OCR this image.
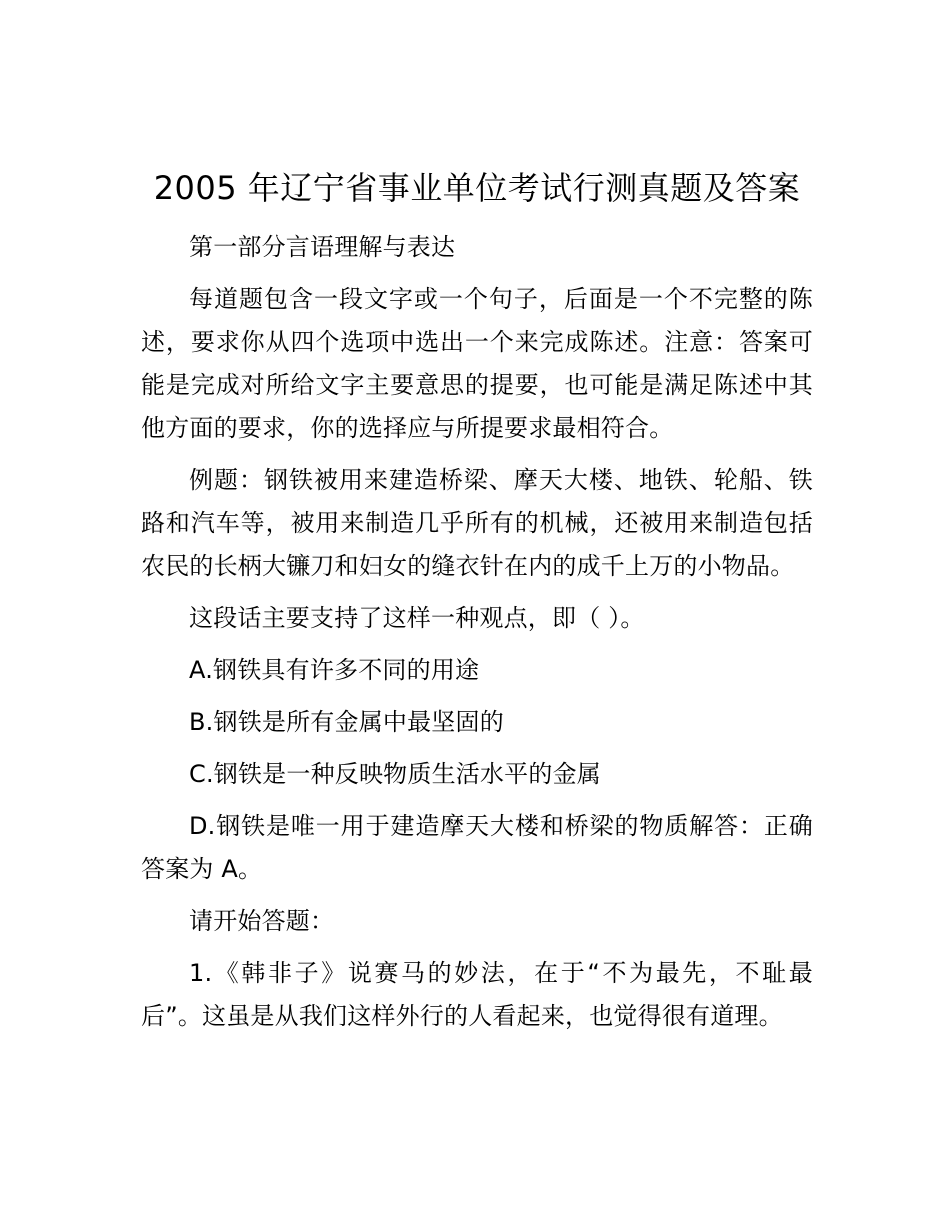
2005 年辽宁省事业单位考试行测真题及答案

第一部分言语理解与表达

每道题包含一段文字或一个句子，后面是一个不完整的陈述，要求你从四个选项中选出一个来完成陈述。注意：答案可能是完成对所给文字主要意思的提要，也可能是满足陈述中其他方面的要求，你的选择应与所提要求最相符合。

例题：钢铁被用来建造桥梁、摩天大楼、地铁、轮船、铁路和汽车等，被用来制造几乎所有的机械，还被用来制造包括农民的长柄大镰刀和妇女的缝衣针在内的成千上万的小物品。

这段话主要支持了这样一种观点，即（ ）。

A.钢铁具有许多不同的用途

B.钢铁是所有金属中最坚固的

C.钢铁是一种反映物质生活水平的金属

D.钢铁是唯一用于建造摩天大楼和桥梁的物质解答：正确答案为 A。

请开始答题：

1.《韩非子》说赛马的妙法，在于“不为最先，不耻最后”。这虽是从我们这样外行的人看起来，也觉得很有道理。
